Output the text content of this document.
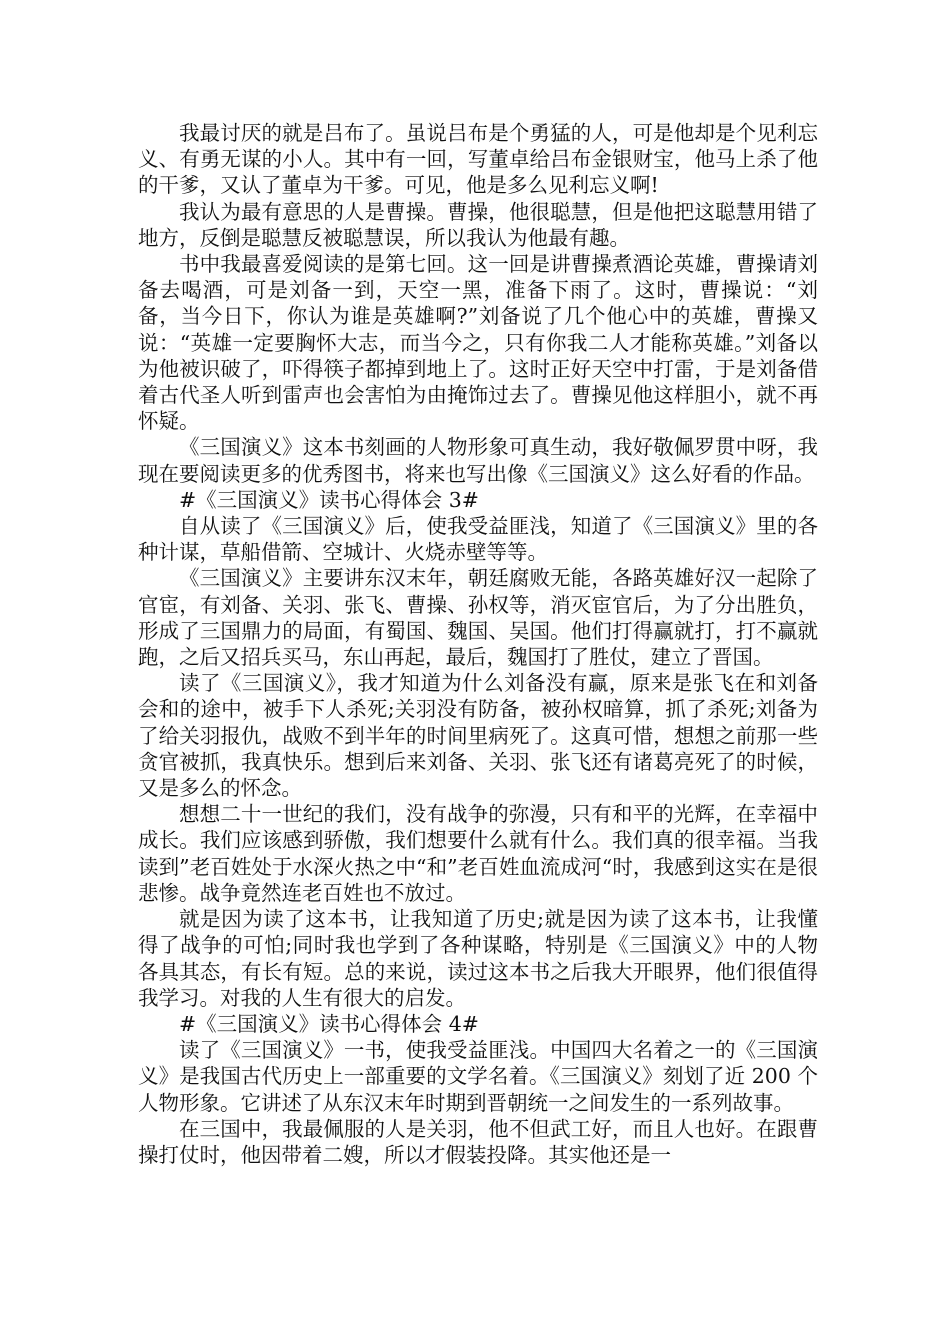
我最讨厌的就是吕布了。虽说吕布是个勇猛的人，可是他却是个见利忘义、有勇无谋的小人。其中有一回，写董卓给吕布金银财宝，他马上杀了他的干爹，又认了董卓为干爹。可见，他是多么见利忘义啊!

我认为最有意思的人是曹操。曹操，他很聪慧，但是他把这聪慧用错了地方，反倒是聪慧反被聪慧误，所以我认为他最有趣。

书中我最喜爱阅读的是第七回。这一回是讲曹操煮酒论英雄，曹操请刘备去喝酒，可是刘备一到，天空一黑，准备下雨了。这时，曹操说：“刘备，当今日下，你认为谁是英雄啊?”刘备说了几个他心中的英雄，曹操又说：“英雄一定要胸怀大志，而当今之，只有你我二人才能称英雄。”刘备以为他被识破了，吓得筷子都掉到地上了。这时正好天空中打雷，于是刘备借着古代圣人听到雷声也会害怕为由掩饰过去了。曹操见他这样胆小，就不再怀疑。

《三国演义》这本书刻画的人物形象可真生动，我好敬佩罗贯中呀，我现在要阅读更多的优秀图书，将来也写出像《三国演义》这么好看的作品。

#《三国演义》读书心得体会 3#

自从读了《三国演义》后，使我受益匪浅，知道了《三国演义》里的各种计谋，草船借箭、空城计、火烧赤壁等等。

《三国演义》主要讲东汉末年，朝廷腐败无能，各路英雄好汉一起除了官宦，有刘备、关羽、张飞、曹操、孙权等，消灭宦官后，为了分出胜负，形成了三国鼎力的局面，有蜀国、魏国、吴国。他们打得赢就打，打不赢就跑，之后又招兵买马，东山再起，最后，魏国打了胜仗，建立了晋国。

读了《三国演义》，我才知道为什么刘备没有赢，原来是张飞在和刘备会和的途中，被手下人杀死;关羽没有防备，被孙权暗算，抓了杀死;刘备为了给关羽报仇，战败不到半年的时间里病死了。这真可惜，想想之前那一些贪官被抓，我真快乐。想到后来刘备、关羽、张飞还有诸葛亮死了的时候，又是多么的怀念。

想想二十一世纪的我们，没有战争的弥漫，只有和平的光辉，在幸福中成长。我们应该感到骄傲，我们想要什么就有什么。我们真的很幸福。当我读到”老百姓处于水深火热之中“和”老百姓血流成河“时，我感到这实在是很悲惨。战争竟然连老百姓也不放过。

就是因为读了这本书，让我知道了历史;就是因为读了这本书，让我懂得了战争的可怕;同时我也学到了各种谋略，特别是《三国演义》中的人物各具其态，有长有短。总的来说，读过这本书之后我大开眼界，他们很值得我学习。对我的人生有很大的启发。

#《三国演义》读书心得体会 4#

读了《三国演义》一书，使我受益匪浅。中国四大名着之一的《三国演义》是我国古代历史上一部重要的文学名着。《三国演义》刻划了近 200 个人物形象。它讲述了从东汉末年时期到晋朝统一之间发生的一系列故事。

在三国中，我最佩服的人是关羽，他不但武工好，而且人也好。在跟曹操打仗时，他因带着二嫂，所以才假装投降。其实他还是一
